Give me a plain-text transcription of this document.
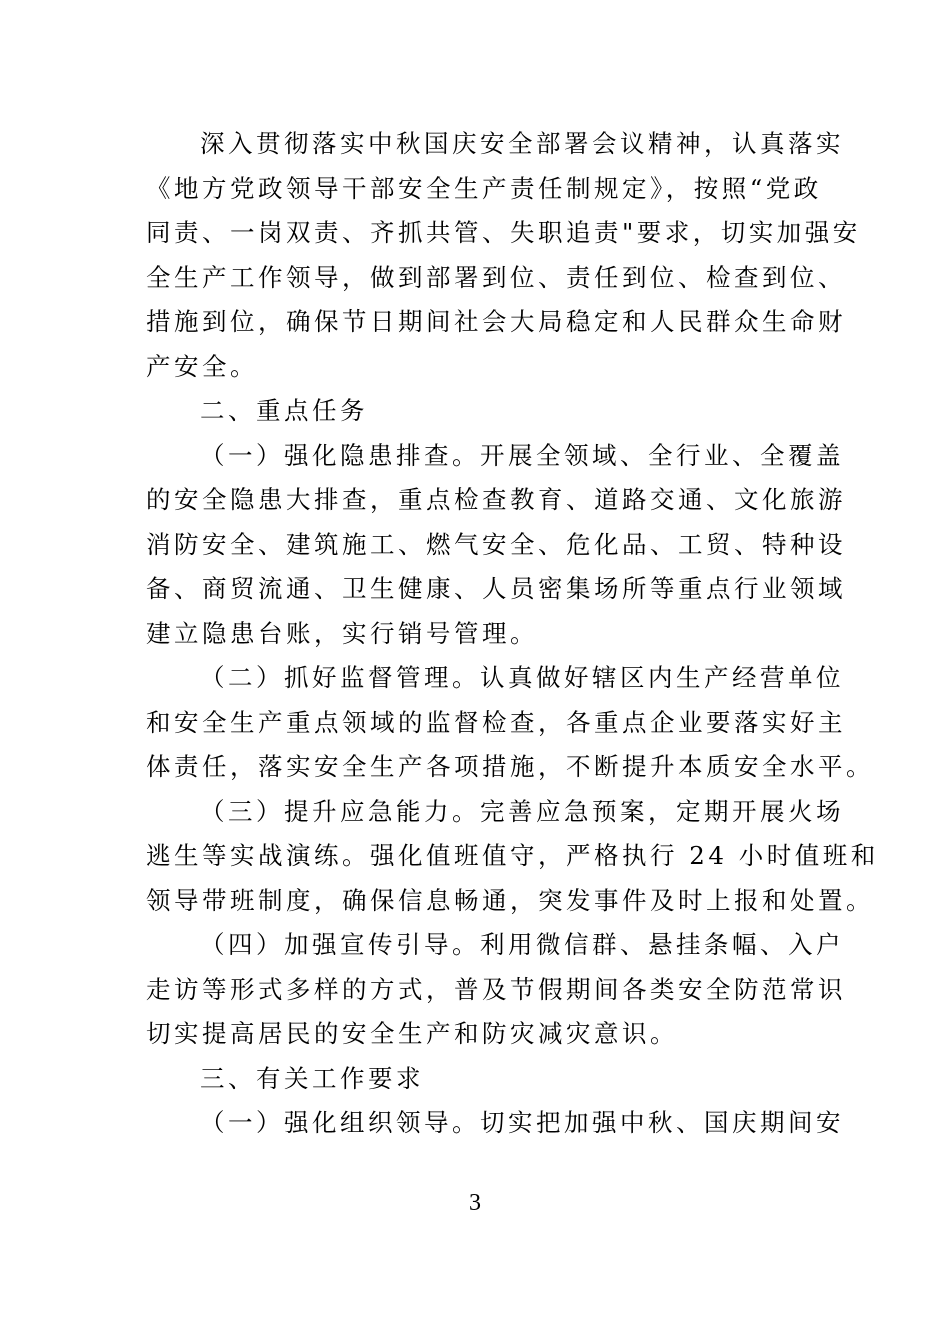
深入贯彻落实中秋国庆安全部署会议精神，认真落实
《地方党政领导干部安全生产责任制规定》，按照“党政
同责、一岗双责、齐抓共管、失职追责"要求，切实加强安
全生产工作领导，做到部署到位、责任到位、检查到位、
措施到位，确保节日期间社会大局稳定和人民群众生命财
产安全。
二、重点任务
（一）强化隐患排查。开展全领域、全行业、全覆盖
的安全隐患大排查，重点检查教育、道路交通、文化旅游
消防安全、建筑施工、燃气安全、危化品、工贸、特种设
备、商贸流通、卫生健康、人员密集场所等重点行业领域
建立隐患台账，实行销号管理。
（二）抓好监督管理。认真做好辖区内生产经营单位
和安全生产重点领域的监督检查，各重点企业要落实好主
体责任，落实安全生产各项措施，不断提升本质安全水平。
（三）提升应急能力。完善应急预案，定期开展火场
逃生等实战演练。强化值班值守，严格执行 24 小时值班和
领导带班制度，确保信息畅通，突发事件及时上报和处置。
（四）加强宣传引导。利用微信群、悬挂条幅、入户
走访等形式多样的方式，普及节假期间各类安全防范常识
切实提高居民的安全生产和防灾减灾意识。
三、有关工作要求
（一）强化组织领导。切实把加强中秋、国庆期间安
3
